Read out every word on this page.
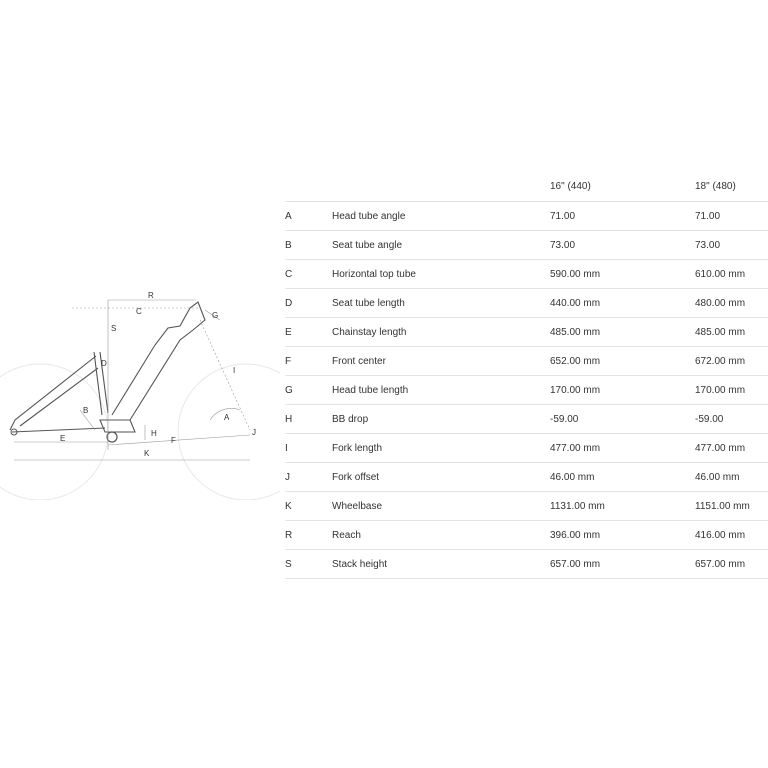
R
C
S
D
G
I
B
A
H
E	F
J
K
		16" (440)	18" (480)
A	Head tube angle	71.00	71.00
B	Seat tube angle	73.00	73.00
C	Horizontal top tube	590.00 mm	610.00 mm
D	Seat tube length	440.00 mm	480.00 mm
E	Chainstay length	485.00 mm	485.00 mm
F	Front center	652.00 mm	672.00 mm
G	Head tube length	170.00 mm	170.00 mm
H	BB drop	-59.00	-59.00
I	Fork length	477.00 mm	477.00 mm
J	Fork offset	46.00 mm	46.00 mm
K	Wheelbase	1131.00 mm	1151.00 mm
R	Reach	396.00 mm	416.00 mm
S	Stack height	657.00 mm	657.00 mm
